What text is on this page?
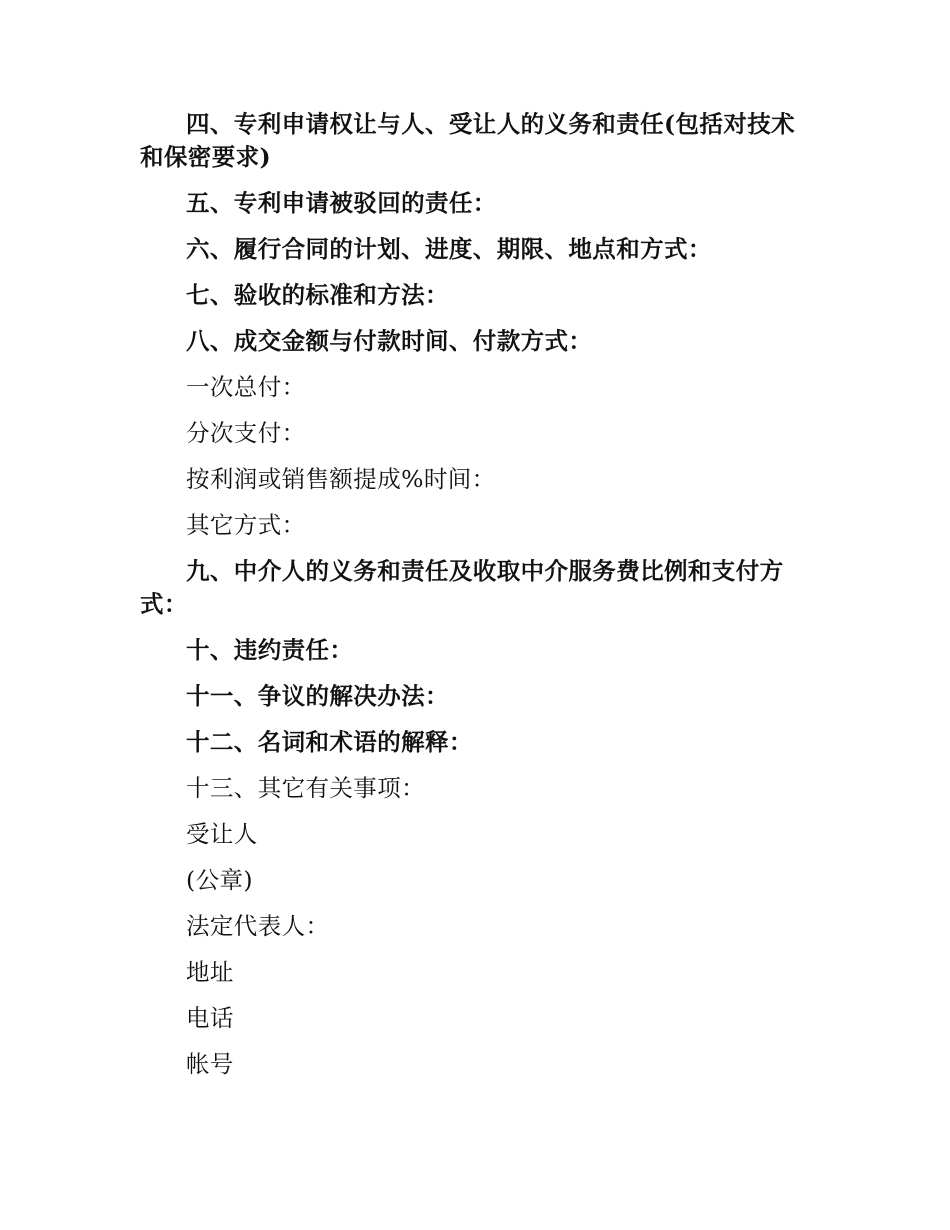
四、专利申请权让与人、受让人的义务和责任(包括对技术和保密要求)

五、专利申请被驳回的责任：

六、履行合同的计划、进度、期限、地点和方式：

七、验收的标准和方法：

八、成交金额与付款时间、付款方式：

一次总付：

分次支付：

按利润或销售额提成%时间：

其它方式：

九、中介人的义务和责任及收取中介服务费比例和支付方式：

十、违约责任：

十一、争议的解决办法：

十二、名词和术语的解释：

十三、其它有关事项：

受让人

(公章)

法定代表人：

地址

电话

帐号
